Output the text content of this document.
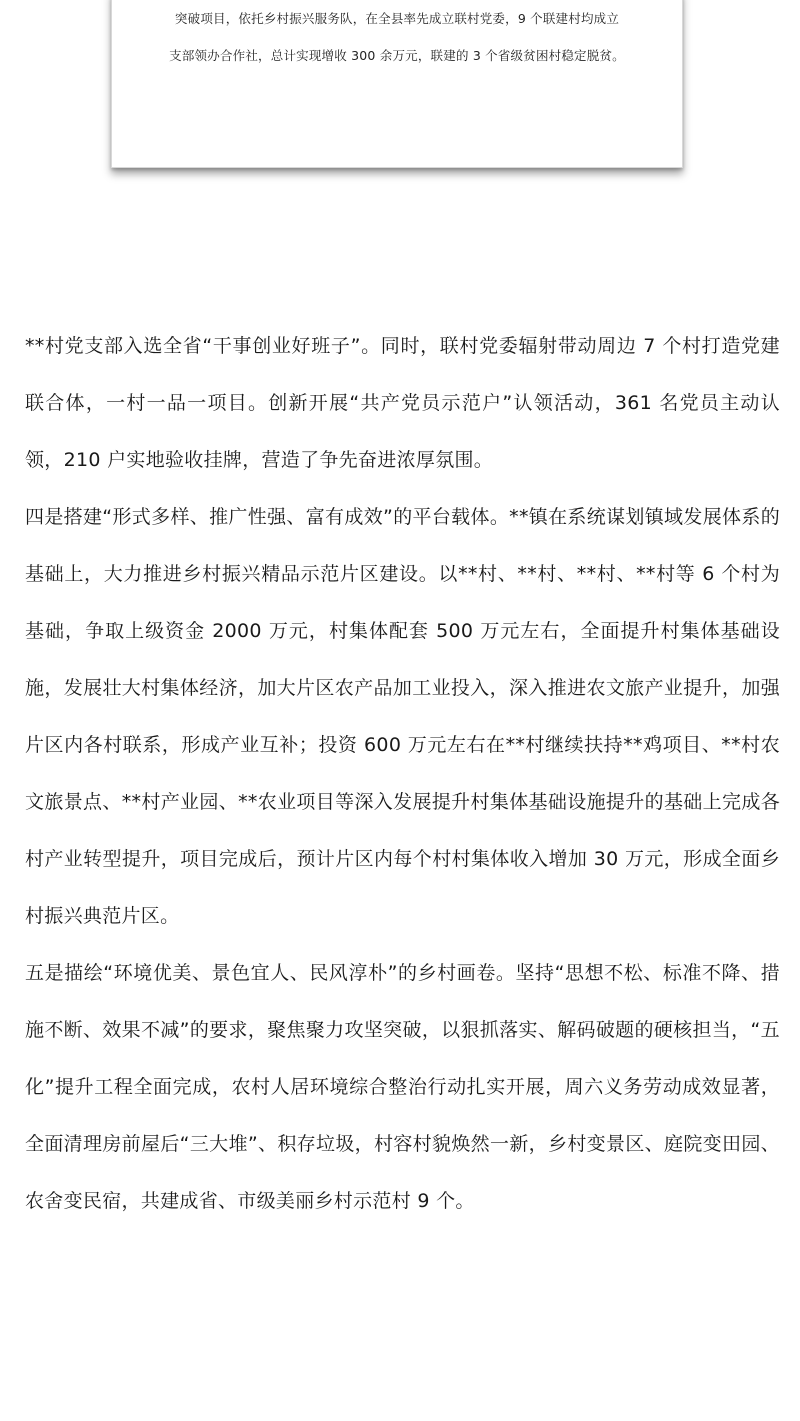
突破项目，依托乡村振兴服务队，在全县率先成立联村党委，9 个联建村均成立
支部领办合作社，总计实现增收 300 余万元，联建的 3 个省级贫困村稳定脱贫。

**村党支部入选全省“干事创业好班子”。同时，联村党委辐射带动周边 7 个村打造党建联合体，一村一品一项目。创新开展“共产党员示范户”认领活动，361 名党员主动认领，210 户实地验收挂牌，营造了争先奋进浓厚氛围。

四是搭建“形式多样、推广性强、富有成效”的平台载体。**镇在系统谋划镇域发展体系的基础上，大力推进乡村振兴精品示范片区建设。以**村、**村、**村、**村等 6 个村为基础，争取上级资金 2000 万元，村集体配套 500 万元左右，全面提升村集体基础设施，发展壮大村集体经济，加大片区农产品加工业投入，深入推进农文旅产业提升，加强片区内各村联系，形成产业互补；投资 600 万元左右在**村继续扶持**鸡项目、**村农文旅景点、**村产业园、**农业项目等深入发展提升村集体基础设施提升的基础上完成各村产业转型提升，项目完成后，预计片区内每个村村集体收入增加 30 万元，形成全面乡村振兴典范片区。

五是描绘“环境优美、景色宜人、民风淳朴”的乡村画卷。坚持“思想不松、标准不降、措施不断、效果不减”的要求，聚焦聚力攻坚突破，以狠抓落实、解码破题的硬核担当，“五化”提升工程全面完成，农村人居环境综合整治行动扎实开展，周六义务劳动成效显著，全面清理房前屋后“三大堆”、积存垃圾，村容村貌焕然一新，乡村变景区、庭院变田园、农舍变民宿，共建成省、市级美丽乡村示范村 9 个。
